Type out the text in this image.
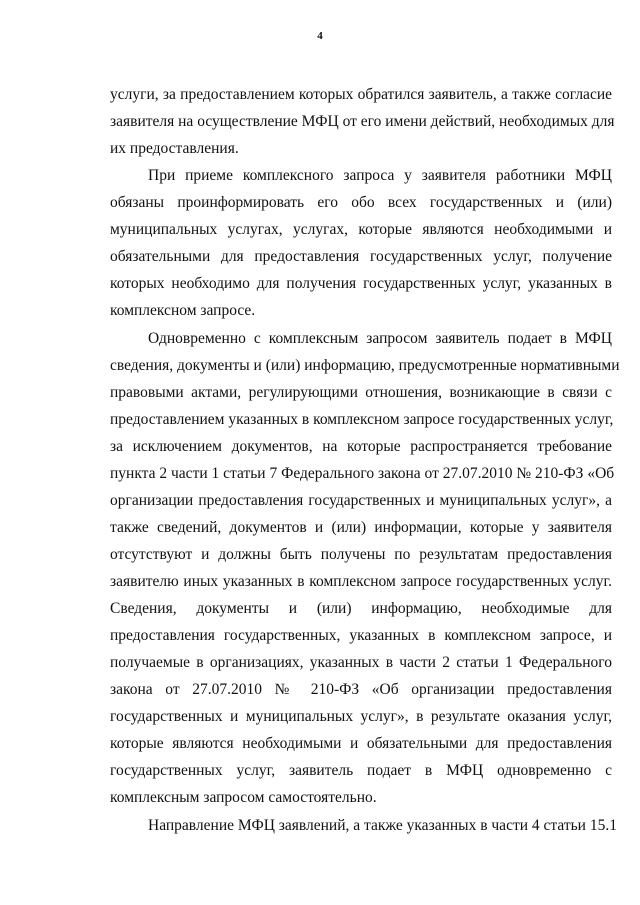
4
услуги, за предоставлением которых обратился заявитель, а также согласие
заявителя на осуществление МФЦ от его имени действий, необходимых для
их предоставления.
При приеме комплексного запроса у заявителя работники МФЦ
обязаны проинформировать его обо всех государственных и (или)
муниципальных услугах, услугах, которые являются необходимыми и
обязательными для предоставления государственных услуг, получение
которых необходимо для получения государственных услуг, указанных в
комплексном запросе.
Одновременно с комплексным запросом заявитель подает в МФЦ
сведения, документы и (или) информацию, предусмотренные нормативными
правовыми актами, регулирующими отношения, возникающие в связи с
предоставлением указанных в комплексном запросе государственных услуг,
за исключением документов, на которые распространяется требование
пункта 2 части 1 статьи 7 Федерального закона от 27.07.2010 № 210-ФЗ «Об
организации предоставления государственных и муниципальных услуг», а
также сведений, документов и (или) информации, которые у заявителя
отсутствуют и должны быть получены по результатам предоставления
заявителю иных указанных в комплексном запросе государственных услуг.
Сведения, документы и (или) информацию, необходимые для
предоставления государственных, указанных в комплексном запросе, и
получаемые в организациях, указанных в части 2 статьи 1 Федерального
закона от 27.07.2010 № 210-ФЗ «Об организации предоставления
государственных и муниципальных услуг», в результате оказания услуг,
которые являются необходимыми и обязательными для предоставления
государственных услуг, заявитель подает в МФЦ одновременно с
комплексным запросом самостоятельно.
Направление МФЦ заявлений, а также указанных в части 4 статьи 15.1
